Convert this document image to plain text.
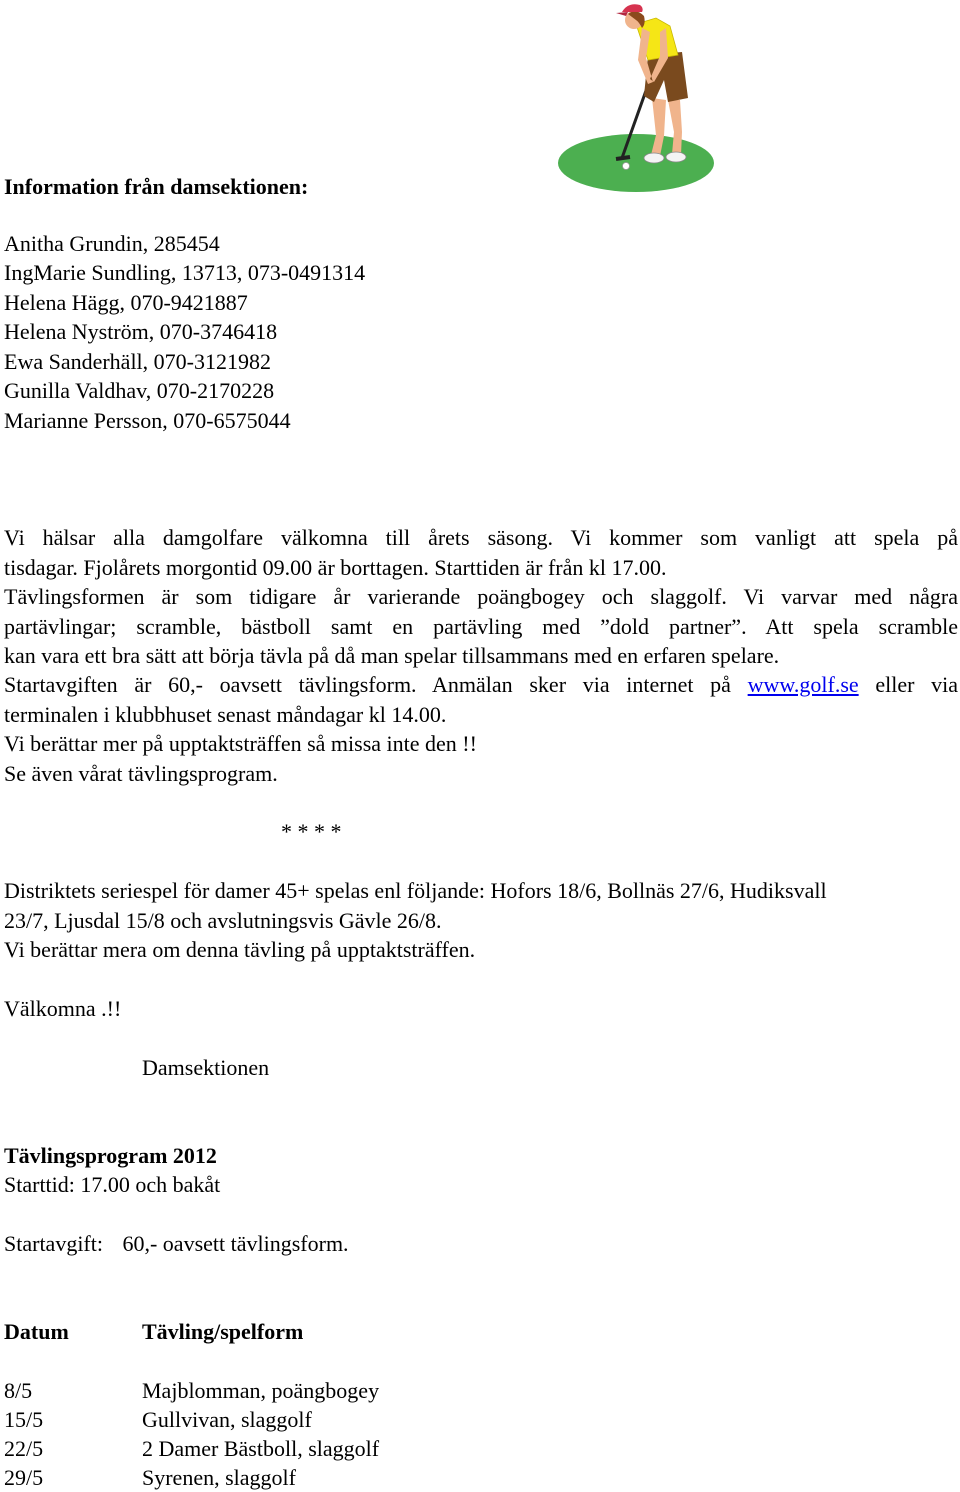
Information från damsektionen:
Anitha Grundin, 285454
IngMarie Sundling, 13713, 073-0491314
Helena Hägg, 070-9421887
Helena Nyström, 070-3746418
Ewa Sanderhäll, 070-3121982
Gunilla Valdhav, 070-2170228
Marianne Persson, 070-6575044
Vi hälsar alla damgolfare välkomna till årets säsong. Vi kommer som vanligt att spela på
tisdagar. Fjolårets morgontid 09.00 är borttagen. Starttiden är från kl 17.00.
Tävlingsformen är som tidigare år varierande poängbogey och slaggolf. Vi varvar med några
partävlingar; scramble, bästboll samt en partävling med ”dold partner”. Att spela scramble
kan vara ett bra sätt att börja tävla på då man spelar tillsammans med en erfaren spelare.
Startavgiften är 60,- oavsett tävlingsform. Anmälan sker via internet på www.golf.se eller via
terminalen i klubbhuset senast måndagar kl 14.00.
Vi berättar mer på upptaktsträffen så missa inte den !!
Se även vårat tävlingsprogram.
* * * *
Distriktets seriespel för damer 45+ spelas enl följande: Hofors 18/6, Bollnäs 27/6, Hudiksvall
23/7, Ljusdal 15/8 och avslutningsvis Gävle 26/8.
Vi berättar mera om denna tävling på upptaktsträffen.
Välkomna .!!
Damsektionen
Tävlingsprogram 2012
Starttid: 17.00 och bakåt
Startavgift: 60,- oavsett tävlingsform.
Datum	Tävling/spelform
8/5	Majblomman, poängbogey
15/5	Gullvivan, slaggolf
22/5	2 Damer Bästboll, slaggolf
29/5	Syrenen, slaggolf
